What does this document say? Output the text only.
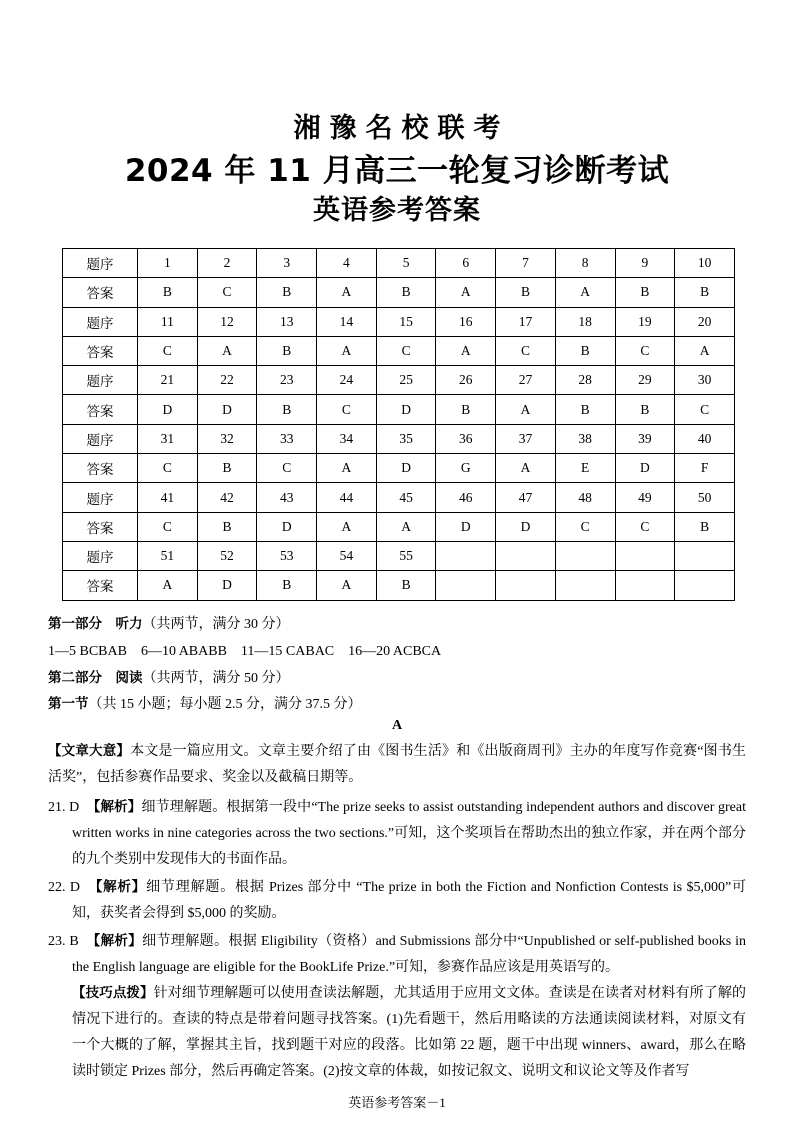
湘豫名校联考
2024 年 11 月高三一轮复习诊断考试
英语参考答案
题序	1	2	3	4	5	6	7	8	9	10
答案	B	C	B	A	B	A	B	A	B	B
题序	11	12	13	14	15	16	17	18	19	20
答案	C	A	B	A	C	A	C	B	C	A
题序	21	22	23	24	25	26	27	28	29	30
答案	D	D	B	C	D	B	A	B	B	C
题序	31	32	33	34	35	36	37	38	39	40
答案	C	B	C	A	D	G	A	E	D	F
题序	41	42	43	44	45	46	47	48	49	50
答案	C	B	D	A	A	D	D	C	C	B
题序	51	52	53	54	55					
答案	A	D	B	A	B					
第一部分　听力（共两节，满分 30 分）
1—5 BCBAB　6—10 ABABB　11—15 CABAC　16—20 ACBCA
第二部分　阅读（共两节，满分 50 分）
第一节（共 15 小题；每小题 2.5 分，满分 37.5 分）
A
【文章大意】本文是一篇应用文。文章主要介绍了由《图书生活》和《出版商周刊》主办的年度写作竞赛“图书生活奖”，包括参赛作品要求、奖金以及截稿日期等。
21. D　 【解析】细节理解题。根据第一段中“The prize seeks to assist outstanding independent authors and discover great written works in nine categories across the two sections.”可知，这个奖项旨在帮助杰出的独立作家，并在两个部分的九个类别中发现伟大的书面作品。
22. D　 【解析】细节理解题。根据 Prizes 部分中 “The prize in both the Fiction and Nonfiction Contests is $5,000”可知，获奖者会得到 $5,000 的奖励。
23. B　 【解析】细节理解题。根据 Eligibility（资格）and Submissions 部分中“Unpublished or self-published books in the English language are eligible for the BookLife Prize.”可知，参赛作品应该是用英语写的。
【技巧点拨】针对细节理解题可以使用查读法解题，尤其适用于应用文文体。查读是在读者对材料有所了解的情况下进行的。查读的特点是带着问题寻找答案。(1)先看题干，然后用略读的方法通读阅读材料，对原文有一个大概的了解，掌握其主旨，找到题干对应的段落。比如第 22 题，题干中出现 winners、award，那么在略读时锁定 Prizes 部分，然后再确定答案。(2)按文章的体裁，如按记叙文、说明文和议论文等及作者写
英语参考答案－1
